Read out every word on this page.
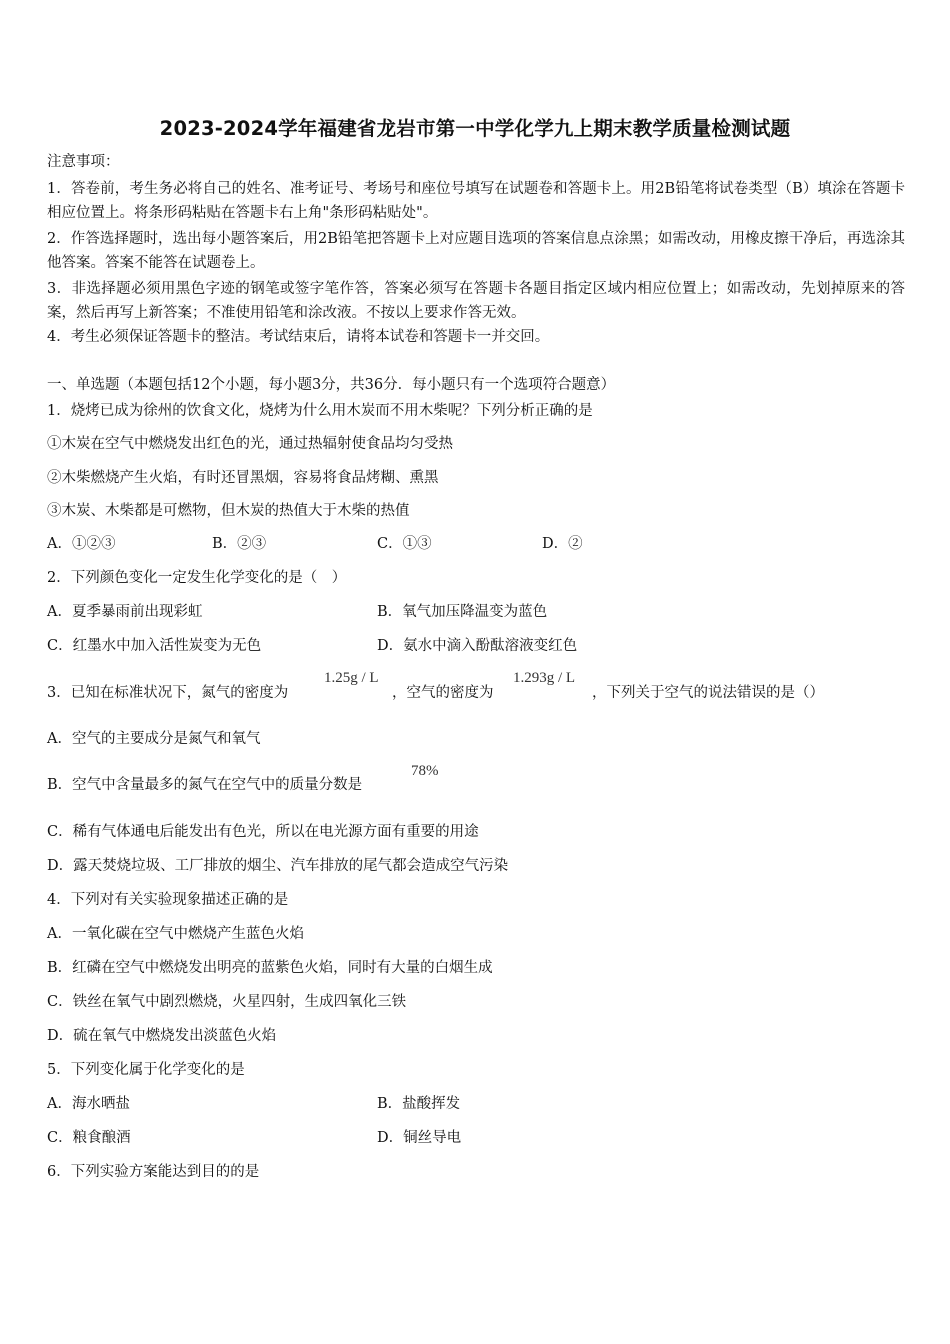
2023-2024学年福建省龙岩市第一中学化学九上期末教学质量检测试题
注意事项：
1．答卷前，考生务必将自己的姓名、准考证号、考场号和座位号填写在试题卷和答题卡上。用2B铅笔将试卷类型（B）填涂在答题卡相应位置上。将条形码粘贴在答题卡右上角"条形码粘贴处"。
2．作答选择题时，选出每小题答案后，用2B铅笔把答题卡上对应题目选项的答案信息点涂黑；如需改动，用橡皮擦干净后，再选涂其他答案。答案不能答在试题卷上。
3．非选择题必须用黑色字迹的钢笔或签字笔作答，答案必须写在答题卡各题目指定区域内相应位置上；如需改动，先划掉原来的答案，然后再写上新答案；不准使用铅笔和涂改液。不按以上要求作答无效。
4．考生必须保证答题卡的整洁。考试结束后，请将本试卷和答题卡一并交回。
一、单选题（本题包括12个小题，每小题3分，共36分．每小题只有一个选项符合题意）
1．烧烤已成为徐州的饮食文化，烧烤为什么用木炭而不用木柴呢？下列分析正确的是
①木炭在空气中燃烧发出红色的光，通过热辐射使食品均匀受热
②木柴燃烧产生火焰，有时还冒黑烟，容易将食品烤糊、熏黑
③木炭、木柴都是可燃物，但木炭的热值大于木柴的热值
A．①②③	B．②③	C．①③	D．②
2．下列颜色变化一定发生化学变化的是（　）
A．夏季暴雨前出现彩虹	B．氧气加压降温变为蓝色
C．红墨水中加入活性炭变为无色	D．氨水中滴入酚酞溶液变红色
3．已知在标准状况下，氮气的密度为
1.25g / L
，空气的密度为
1.293g / L
，下列关于空气的说法错误的是（）
A．空气的主要成分是氮气和氧气
B．空气中含量最多的氮气在空气中的质量分数是
78%
C．稀有气体通电后能发出有色光，所以在电光源方面有重要的用途
D．露天焚烧垃圾、工厂排放的烟尘、汽车排放的尾气都会造成空气污染
4．下列对有关实验现象描述正确的是
A．一氧化碳在空气中燃烧产生蓝色火焰
B．红磷在空气中燃烧发出明亮的蓝紫色火焰，同时有大量的白烟生成
C．铁丝在氧气中剧烈燃烧，火星四射，生成四氧化三铁
D．硫在氧气中燃烧发出淡蓝色火焰
5．下列变化属于化学变化的是
A．海水晒盐	B．盐酸挥发
C．粮食酿酒	D．铜丝导电
6．下列实验方案能达到目的的是
